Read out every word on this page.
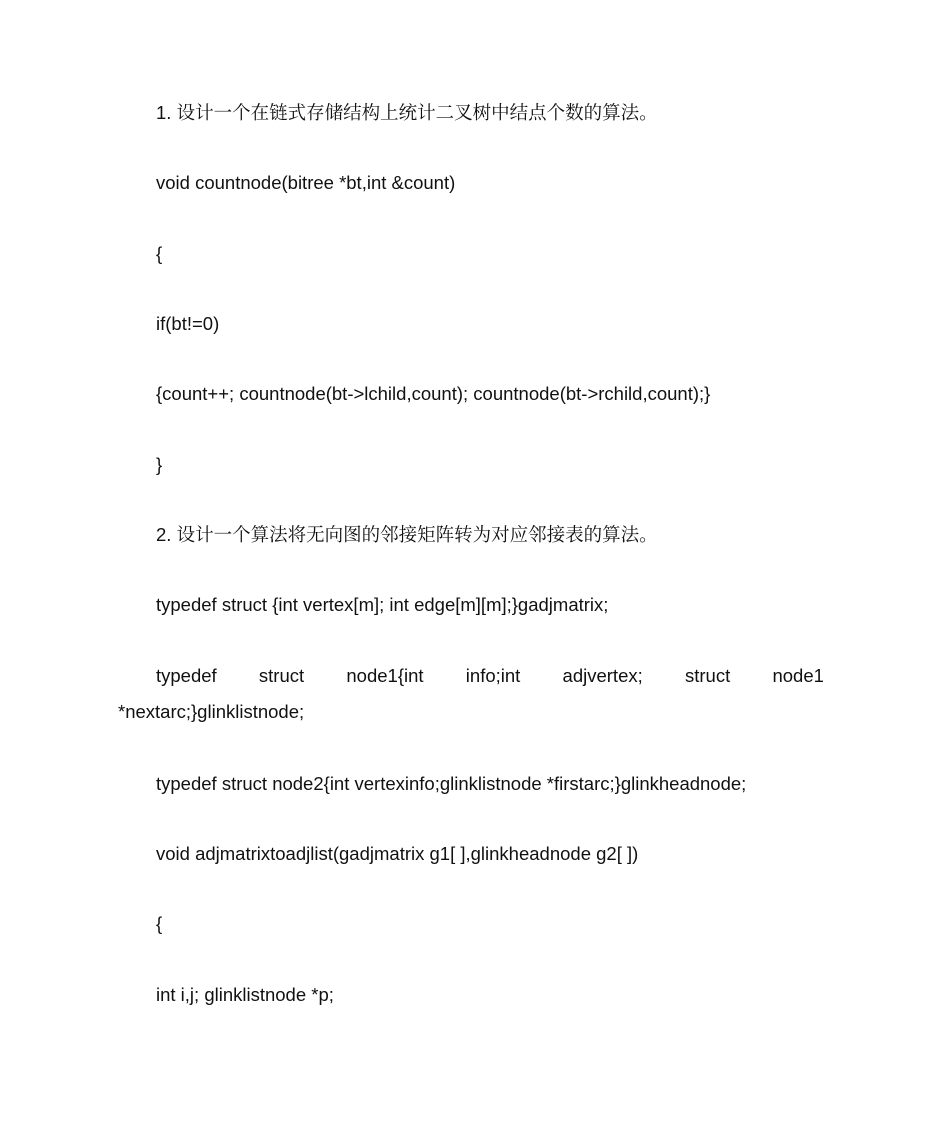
1. 设计一个在链式存储结构上统计二叉树中结点个数的算法。

void countnode(bitree *bt,int &count)

{

if(bt!=0)

{count++; countnode(bt->lchild,count); countnode(bt->rchild,count);}

}

2. 设计一个算法将无向图的邻接矩阵转为对应邻接表的算法。

typedef struct {int vertex[m]; int edge[m][m];}gadjmatrix;

typedef struct node1{int info;int adjvertex; struct node1
*nextarc;}glinklistnode;

typedef struct node2{int vertexinfo;glinklistnode *firstarc;}glinkheadnode;

void adjmatrixtoadjlist(gadjmatrix g1[ ],glinkheadnode g2[ ])

{

int i,j; glinklistnode *p;
